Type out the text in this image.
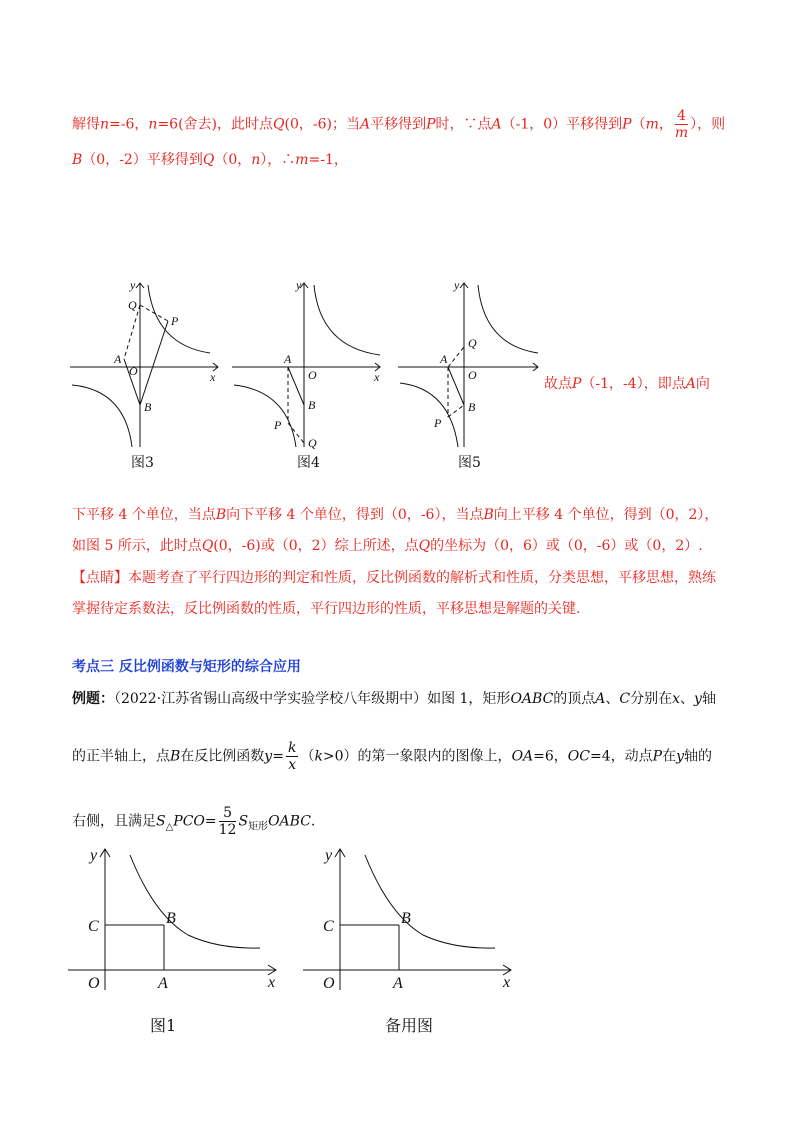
解得n=-6，n=6(舍去)，此时点Q(0，-6)；当A平移得到P时，∵点A（-1，0）平移得到P（m， $\frac{4}{m}$ ），则
B（0，-2）平移得到Q（0，n），∴m=-1，
y
x
Q
P
A
O
B
图3
y
x
A
O
B
P
Q
图4
y
Q
A
O
B
P
图5
故点P（-1，-4），即点A向
下平移 4 个单位，当点B向下平移 4 个单位，得到（0，-6），当点B向上平移 4 个单位，得到（0，2），
如图 5 所示，此时点Q(0，-6)或（0，2）综上所述，点Q的坐标为（0，6）或（0，-6）或（0，2）.
【点睛】本题考查了平行四边形的判定和性质，反比例函数的解析式和性质，分类思想，平移思想，熟练
掌握待定系数法，反比例函数的性质，平行四边形的性质，平移思想是解题的关键.
考点三 反比例函数与矩形的综合应用
例题：（2022·江苏省锡山高级中学实验学校八年级期中）如图 1，矩形OABC的顶点A、C分别在x、y轴
的正半轴上，点B在反比例函数$y= \frac{k}{x} (k>0)$的第一象限内的图像上，OA=6，OC=4，动点P在y轴的
右侧，且满足$S_\triangle PCO= \frac{5}{12}$ $S_{矩形}OABC$.
y
x
C	B
O	A
图1
y
x
C	B
O	A
备用图
